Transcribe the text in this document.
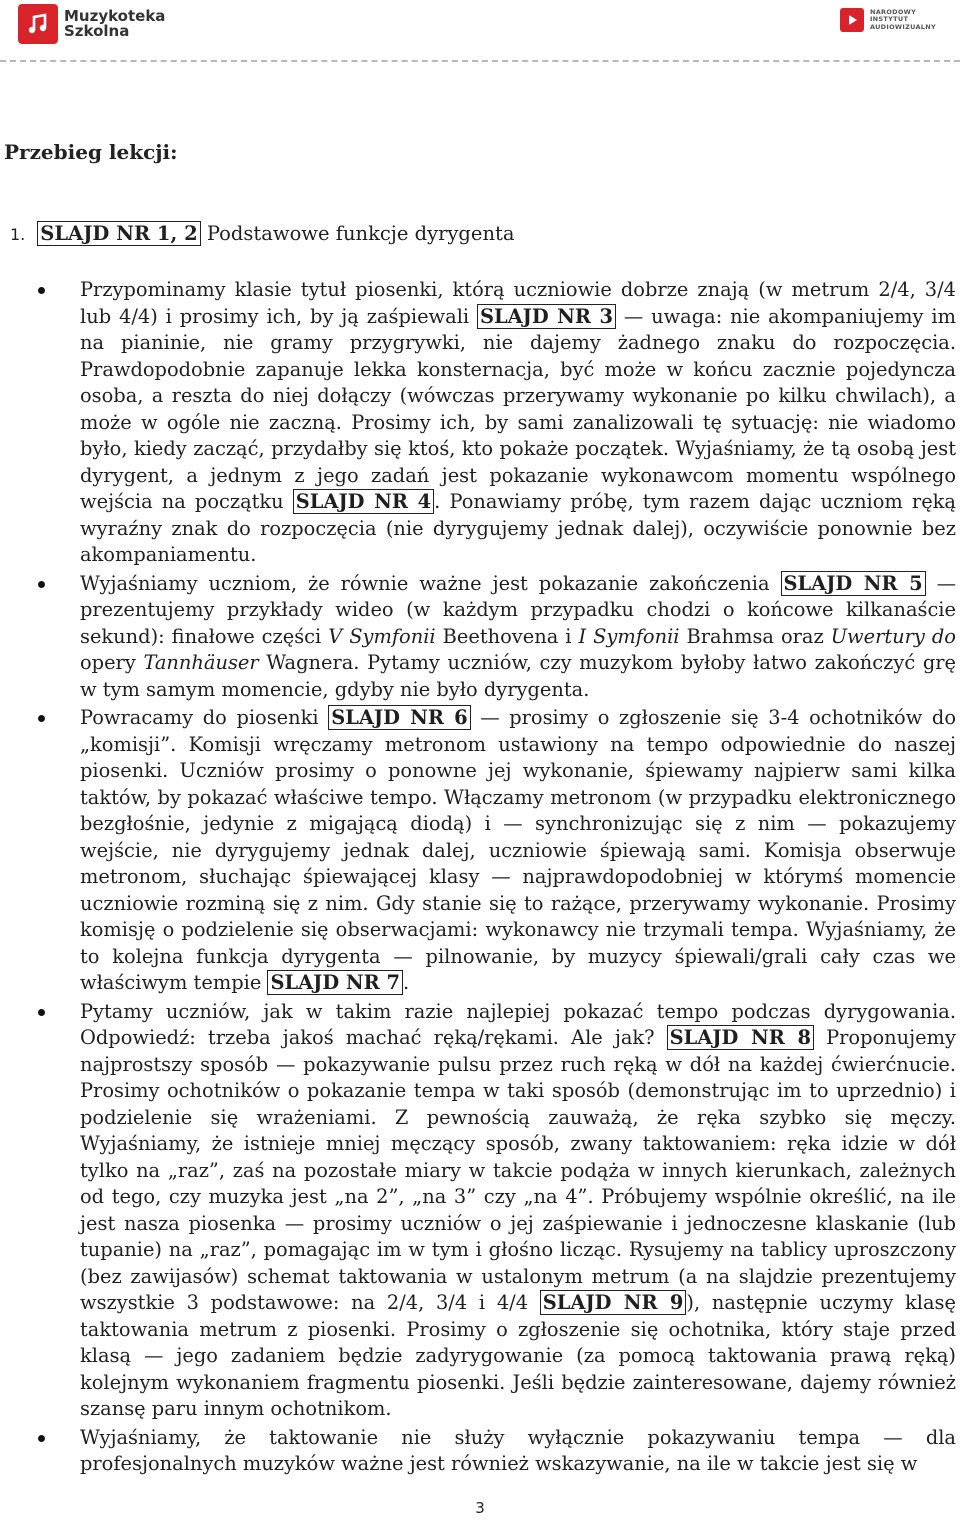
Muzykoteka
Szkolna
NARODOWY
INSTYTUT
AUDIOWIZUALNY
Przebieg lekcji:
1. SLAJD NR 1, 2 Podstawowe funkcje dyrygenta
Przypominamy klasie tytuł piosenki, którą uczniowie dobrze znają (w metrum 2/4, 3/4 lub 4/4) i prosimy ich, by ją zaśpiewali SLAJD NR 3 — uwaga: nie akompaniujemy im na pianinie, nie gramy przygrywki, nie dajemy żadnego znaku do rozpoczęcia. Prawdopodobnie zapanuje lekka konsternacja, być może w końcu zacznie pojedyncza osoba, a reszta do niej dołączy (wówczas przerywamy wykonanie po kilku chwilach), a może w ogóle nie zaczną. Prosimy ich, by sami zanalizowali tę sytuację: nie wiadomo było, kiedy zacząć, przydałby się ktoś, kto pokaże początek. Wyjaśniamy, że tą osobą jest dyrygent, a jednym z jego zadań jest pokazanie wykonawcom momentu wspólnego wejścia na początku SLAJD NR 4 . Ponawiamy próbę, tym razem dając uczniom ręką wyraźny znak do rozpoczęcia (nie dyrygujemy jednak dalej), oczywiście ponownie bez akompaniamentu.
Wyjaśniamy uczniom, że równie ważne jest pokazanie zakończenia SLAJD NR 5 — prezentujemy przykłady wideo (w każdym przypadku chodzi o końcowe kilkanaście sekund): finałowe części V Symfonii Beethovena i I Symfonii Brahmsa oraz Uwertury do opery Tannhäuser Wagnera. Pytamy uczniów, czy muzykom byłoby łatwo zakończyć grę w tym samym momencie, gdyby nie było dyrygenta.
Powracamy do piosenki SLAJD NR 6 — prosimy o zgłoszenie się 3-4 ochotników do „komisji”. Komisji wręczamy metronom ustawiony na tempo odpowiednie do naszej piosenki. Uczniów prosimy o ponowne jej wykonanie, śpiewamy najpierw sami kilka taktów, by pokazać właściwe tempo. Włączamy metronom (w przypadku elektronicznego bezgłośnie, jedynie z migającą diodą) i — synchronizując się z nim — pokazujemy wejście, nie dyrygujemy jednak dalej, uczniowie śpiewają sami. Komisja obserwuje metronom, słuchając śpiewającej klasy — najprawdopodobniej w którymś momencie uczniowie rozminą się z nim. Gdy stanie się to rażące, przerywamy wykonanie. Prosimy komisję o podzielenie się obserwacjami: wykonawcy nie trzymali tempa. Wyjaśniamy, że to kolejna funkcja dyrygenta — pilnowanie, by muzycy śpiewali/grali cały czas we właściwym tempie SLAJD NR 7 .
Pytamy uczniów, jak w takim razie najlepiej pokazać tempo podczas dyrygowania. Odpowiedź: trzeba jakoś machać ręką/rękami. Ale jak? SLAJD NR 8 Proponujemy najprostszy sposób — pokazywanie pulsu przez ruch ręką w dół na każdej ćwierćnucie. Prosimy ochotników o pokazanie tempa w taki sposób (demonstrując im to uprzednio) i podzielenie się wrażeniami. Z pewnością zauważą, że ręka szybko się męczy. Wyjaśniamy, że istnieje mniej męczący sposób, zwany taktowaniem: ręka idzie w dół tylko na „raz”, zaś na pozostałe miary w takcie podąża w innych kierunkach, zależnych od tego, czy muzyka jest „na 2”, „na 3” czy „na 4”. Próbujemy wspólnie określić, na ile jest nasza piosenka — prosimy uczniów o jej zaśpiewanie i jednoczesne klaskanie (lub tupanie) na „raz”, pomagając im w tym i głośno licząc. Rysujemy na tablicy uproszczony (bez zawijasów) schemat taktowania w ustalonym metrum (a na slajdzie prezentujemy wszystkie 3 podstawowe: na 2/4, 3/4 i 4/4 SLAJD NR 9 ), następnie uczymy klasę taktowania metrum z piosenki. Prosimy o zgłoszenie się ochotnika, który staje przed klasą — jego zadaniem będzie zadyrygowanie (za pomocą taktowania prawą ręką) kolejnym wykonaniem fragmentu piosenki. Jeśli będzie zainteresowane, dajemy również szansę paru innym ochotnikom.
Wyjaśniamy, że taktowanie nie służy wyłącznie pokazywaniu tempa — dla profesjonalnych muzyków ważne jest również wskazywanie, na ile w takcie jest się w
3
